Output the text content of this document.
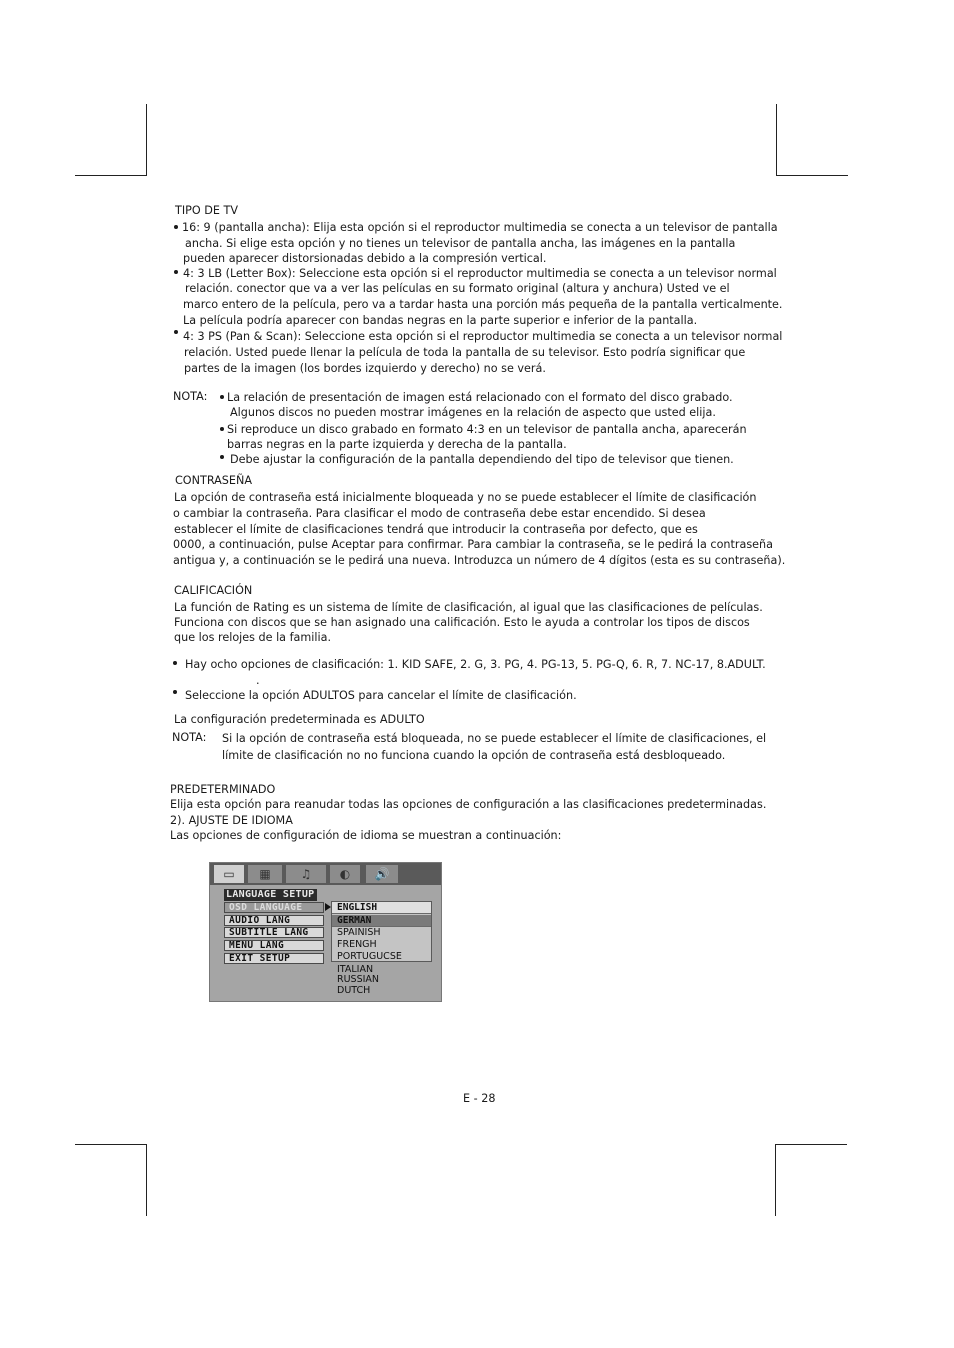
TIPO DE TV
16: 9 (pantalla ancha): Elija esta opción si el reproductor multimedia se conecta a un televisor de pantalla
ancha. Si elige esta opción y no tienes un televisor de pantalla ancha, las imágenes en la pantalla
pueden aparecer distorsionadas debido a la compresión vertical.
4: 3 LB (Letter Box): Seleccione esta opción si el reproductor multimedia se conecta a un televisor normal
relación. conector que va a ver las películas en su formato original (altura y anchura) Usted ve el
marco entero de la película, pero va a tardar hasta una porción más pequeña de la pantalla verticalmente.
La película podría aparecer con bandas negras en la parte superior e inferior de la pantalla.
4: 3 PS (Pan & Scan): Seleccione esta opción si el reproductor multimedia se conecta a un televisor normal
relación. Usted puede llenar la película de toda la pantalla de su televisor. Esto podría significar que
partes de la imagen (los bordes izquierdo y derecho) no se verá.
NOTA: La relación de presentación de imagen está relacionado con el formato del disco grabado.
Algunos discos no pueden mostrar imágenes en la relación de aspecto que usted elija.
Si reproduce un disco grabado en formato 4:3 en un televisor de pantalla ancha, aparecerán
barras negras en la parte izquierda y derecha de la pantalla.
Debe ajustar la configuración de la pantalla dependiendo del tipo de televisor que tienen.
CONTRASEÑA
La opción de contraseña está inicialmente bloqueada y no se puede establecer el límite de clasificación
o cambiar la contraseña. Para clasificar el modo de contraseña debe estar encendido. Si desea
establecer el límite de clasificaciones tendrá que introducir la contraseña por defecto, que es
0000, a continuación, pulse Aceptar para confirmar. Para cambiar la contraseña, se le pedirá la contraseña
antigua y, a continuación se le pedirá una nueva. Introduzca un número de 4 dígitos (esta es su contraseña).
CALIFICACIÓN
La función de Rating es un sistema de límite de clasificación, al igual que las clasificaciones de películas.
Funciona con discos que se han asignado una calificación. Esto le ayuda a controlar los tipos de discos
que los relojes de la familia.
Hay ocho opciones de clasificación: 1. KID SAFE, 2. G, 3. PG, 4. PG-13, 5. PG-Q, 6. R, 7. NC-17, 8.ADULT.
.
Seleccione la opción ADULTOS para cancelar el límite de clasificación.
La configuración predeterminada es ADULTO
NOTA: Si la opción de contraseña está bloqueada, no se puede establecer el límite de clasificaciones, el
límite de clasificación no no funciona cuando la opción de contraseña está desbloqueado.
PREDETERMINADO
Elija esta opción para reanudar todas las opciones de configuración a las clasificaciones predeterminadas.
2). AJUSTE DE IDIOMA
Las opciones de configuración de idioma se muestran a continuación:
▭ ▦ ♫ ◐ 🔊
LANGUAGE SETUP
OSD LANGUAGE
AUDIO LANG
SUBTITLE LANG
MENU LANG
EXIT SETUP
ENGLISH
GERMAN
SPAINISH
FRENGH
PORTUGUCSE
ITALIAN
RUSSIAN
DUTCH
E - 28
